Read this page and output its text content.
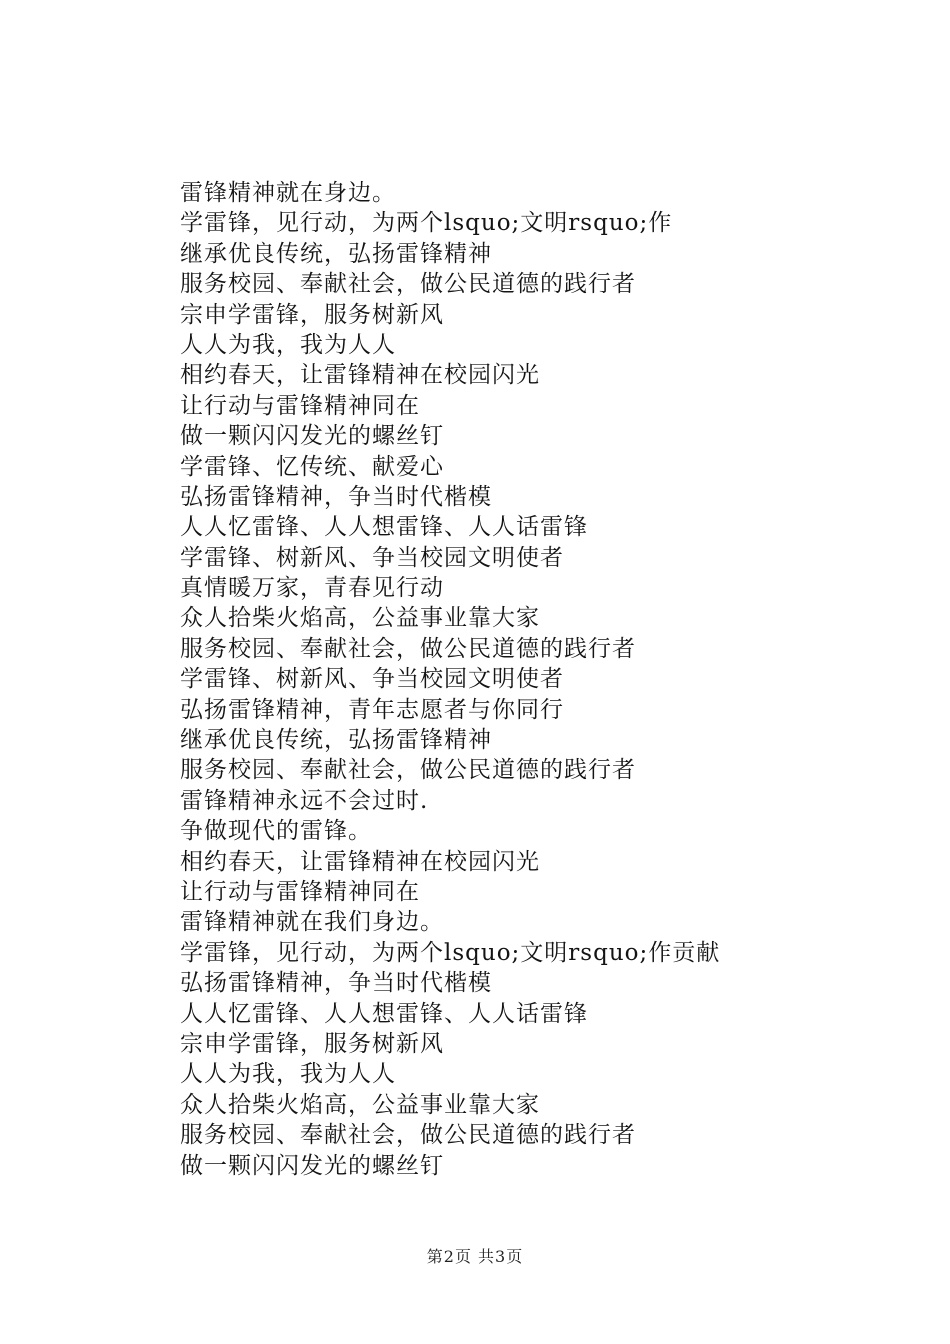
雷锋精神就在身边。
学雷锋，见行动，为两个lsquo;文明rsquo;作
继承优良传统，弘扬雷锋精神
服务校园、奉献社会，做公民道德的践行者
宗申学雷锋，服务树新风
人人为我，我为人人
相约春天，让雷锋精神在校园闪光
让行动与雷锋精神同在
做一颗闪闪发光的螺丝钉
学雷锋、忆传统、献爱心
弘扬雷锋精神，争当时代楷模
人人忆雷锋、人人想雷锋、人人话雷锋
学雷锋、树新风、争当校园文明使者
真情暖万家，青春见行动
众人拾柴火焰高，公益事业靠大家
服务校园、奉献社会，做公民道德的践行者
学雷锋、树新风、争当校园文明使者
弘扬雷锋精神，青年志愿者与你同行
继承优良传统，弘扬雷锋精神
服务校园、奉献社会，做公民道德的践行者
雷锋精神永远不会过时.
争做现代的雷锋。
相约春天，让雷锋精神在校园闪光
让行动与雷锋精神同在
雷锋精神就在我们身边。
学雷锋，见行动，为两个lsquo;文明rsquo;作贡献
弘扬雷锋精神，争当时代楷模
人人忆雷锋、人人想雷锋、人人话雷锋
宗申学雷锋，服务树新风
人人为我，我为人人
众人拾柴火焰高，公益事业靠大家
服务校园、奉献社会，做公民道德的践行者
做一颗闪闪发光的螺丝钉
第2页 共3页
